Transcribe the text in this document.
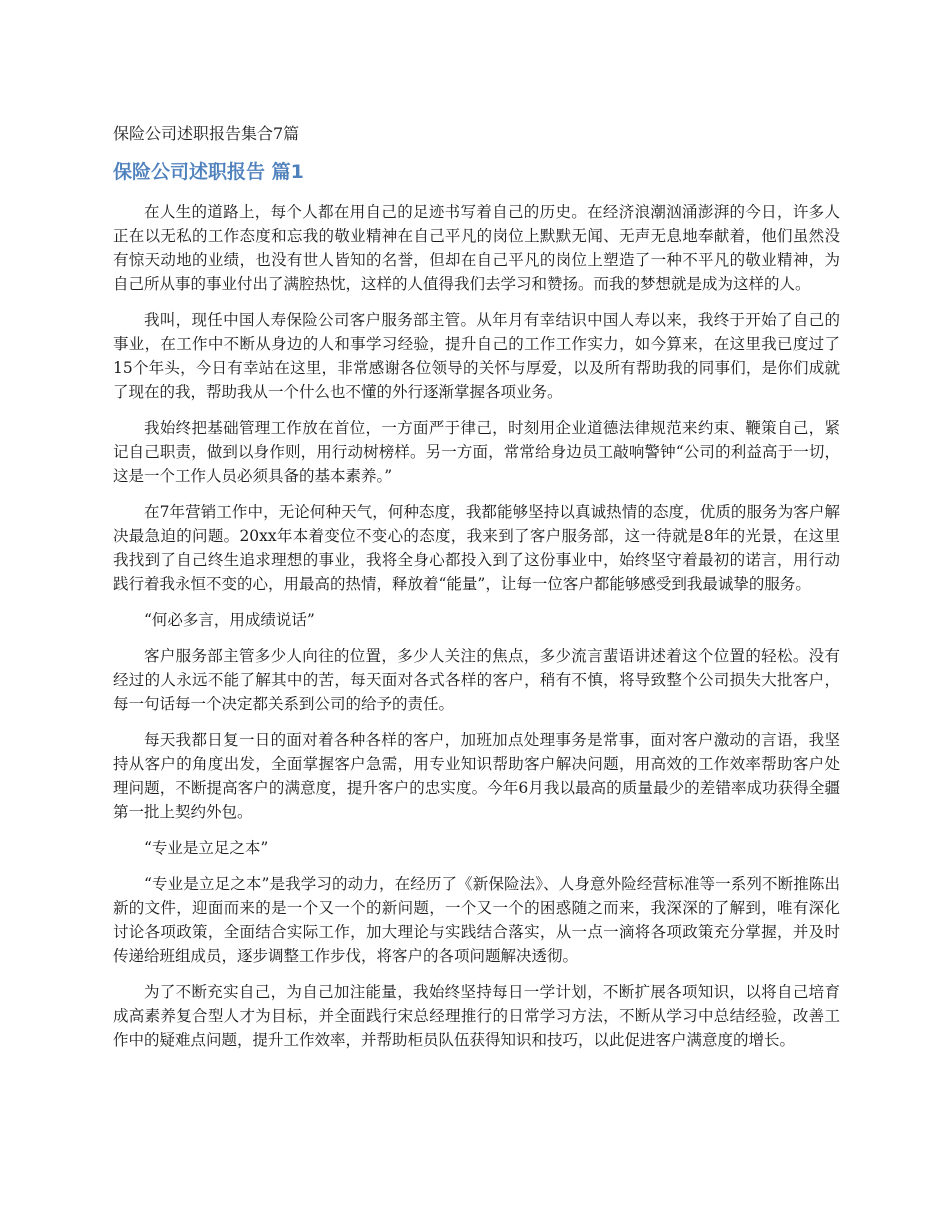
保险公司述职报告集合7篇
保险公司述职报告 篇1

在人生的道路上，每个人都在用自己的足迹书写着自己的历史。在经济浪潮汹涌澎湃的今日，许多人正在以无私的工作态度和忘我的敬业精神在自己平凡的岗位上默默无闻、无声无息地奉献着，他们虽然没有惊天动地的业绩，也没有世人皆知的名誉，但却在自己平凡的岗位上塑造了一种不平凡的敬业精神，为自己所从事的事业付出了满腔热忱，这样的人值得我们去学习和赞扬。而我的梦想就是成为这样的人。

我叫，现任中国人寿保险公司客户服务部主管。从年月有幸结识中国人寿以来，我终于开始了自己的事业，在工作中不断从身边的人和事学习经验，提升自己的工作工作实力，如今算来，在这里我已度过了15个年头，今日有幸站在这里，非常感谢各位领导的关怀与厚爱，以及所有帮助我的同事们，是你们成就了现在的我，帮助我从一个什么也不懂的外行逐渐掌握各项业务。

我始终把基础管理工作放在首位，一方面严于律己，时刻用企业道德法律规范来约束、鞭策自己，紧记自己职责，做到以身作则，用行动树榜样。另一方面，常常给身边员工敲响警钟“公司的利益高于一切，这是一个工作人员必须具备的基本素养。”

在7年营销工作中，无论何种天气，何种态度，我都能够坚持以真诚热情的态度，优质的服务为客户解决最急迫的问题。20xx年本着变位不变心的态度，我来到了客户服务部，这一待就是8年的光景，在这里我找到了自己终生追求理想的事业，我将全身心都投入到了这份事业中，始终坚守着最初的诺言，用行动践行着我永恒不变的心，用最高的热情，释放着“能量”，让每一位客户都能够感受到我最诚挚的服务。

“何必多言，用成绩说话”

客户服务部主管多少人向往的位置，多少人关注的焦点，多少流言蜚语讲述着这个位置的轻松。没有经过的人永远不能了解其中的苦，每天面对各式各样的客户，稍有不慎，将导致整个公司损失大批客户，每一句话每一个决定都关系到公司的给予的责任。

每天我都日复一日的面对着各种各样的客户，加班加点处理事务是常事，面对客户激动的言语，我坚持从客户的角度出发，全面掌握客户急需，用专业知识帮助客户解决问题，用高效的工作效率帮助客户处理问题，不断提高客户的满意度，提升客户的忠实度。今年6月我以最高的质量最少的差错率成功获得全疆第一批上契约外包。

“专业是立足之本”

“专业是立足之本”是我学习的动力，在经历了《新保险法》、人身意外险经营标准等一系列不断推陈出新的文件，迎面而来的是一个又一个的新问题，一个又一个的困惑随之而来，我深深的了解到，唯有深化讨论各项政策，全面结合实际工作，加大理论与实践结合落实，从一点一滴将各项政策充分掌握，并及时传递给班组成员，逐步调整工作步伐，将客户的各项问题解决透彻。

为了不断充实自己，为自己加注能量，我始终坚持每日一学计划，不断扩展各项知识，以将自己培育成高素养复合型人才为目标，并全面践行宋总经理推行的日常学习方法，不断从学习中总结经验，改善工作中的疑难点问题，提升工作效率，并帮助柜员队伍获得知识和技巧，以此促进客户满意度的增长。
